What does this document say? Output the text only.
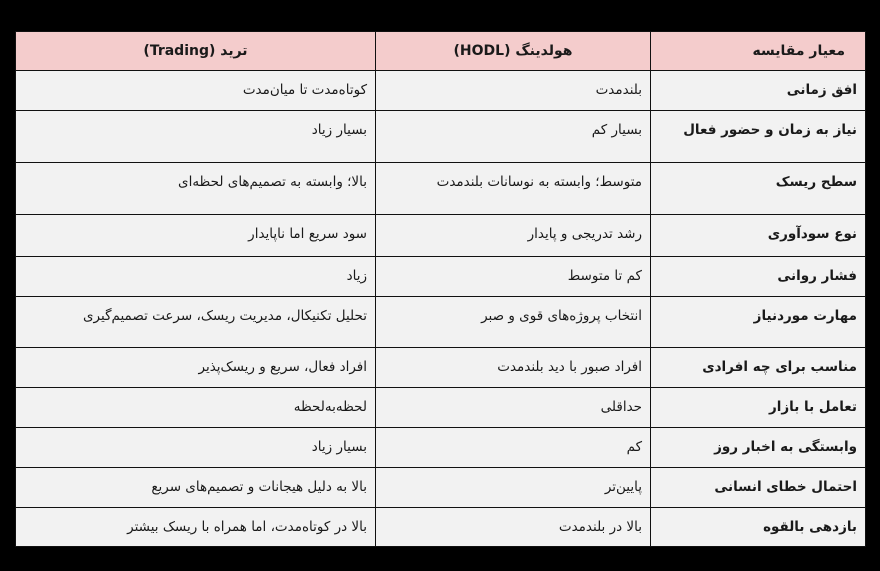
معیار مقایسه	هولدینگ (HODL)	ترید (Trading)
افق زمانی	بلندمدت	کوتاه‌مدت تا میان‌مدت
نیاز به زمان و حضور فعال	بسیار کم	بسیار زیاد
سطح ریسک	متوسط؛ وابسته به نوسانات بلندمدت	بالا؛ وابسته به تصمیم‌های لحظه‌ای
نوع سودآوری	رشد تدریجی و پایدار	سود سریع اما ناپایدار
فشار روانی	کم تا متوسط	زیاد
مهارت موردنیاز	انتخاب پروژه‌های قوی و صبر	تحلیل تکنیکال، مدیریت ریسک، سرعت تصمیم‌گیری
مناسب برای چه افرادی	افراد صبور با دید بلندمدت	افراد فعال، سریع و ریسک‌پذیر
تعامل با بازار	حداقلی	لحظه‌به‌لحظه
وابستگی به اخبار روز	کم	بسیار زیاد
احتمال خطای انسانی	پایین‌تر	بالا به دلیل هیجانات و تصمیم‌های سریع
بازدهی بالقوه	بالا در بلندمدت	بالا در کوتاه‌مدت، اما همراه با ریسک بیشتر
